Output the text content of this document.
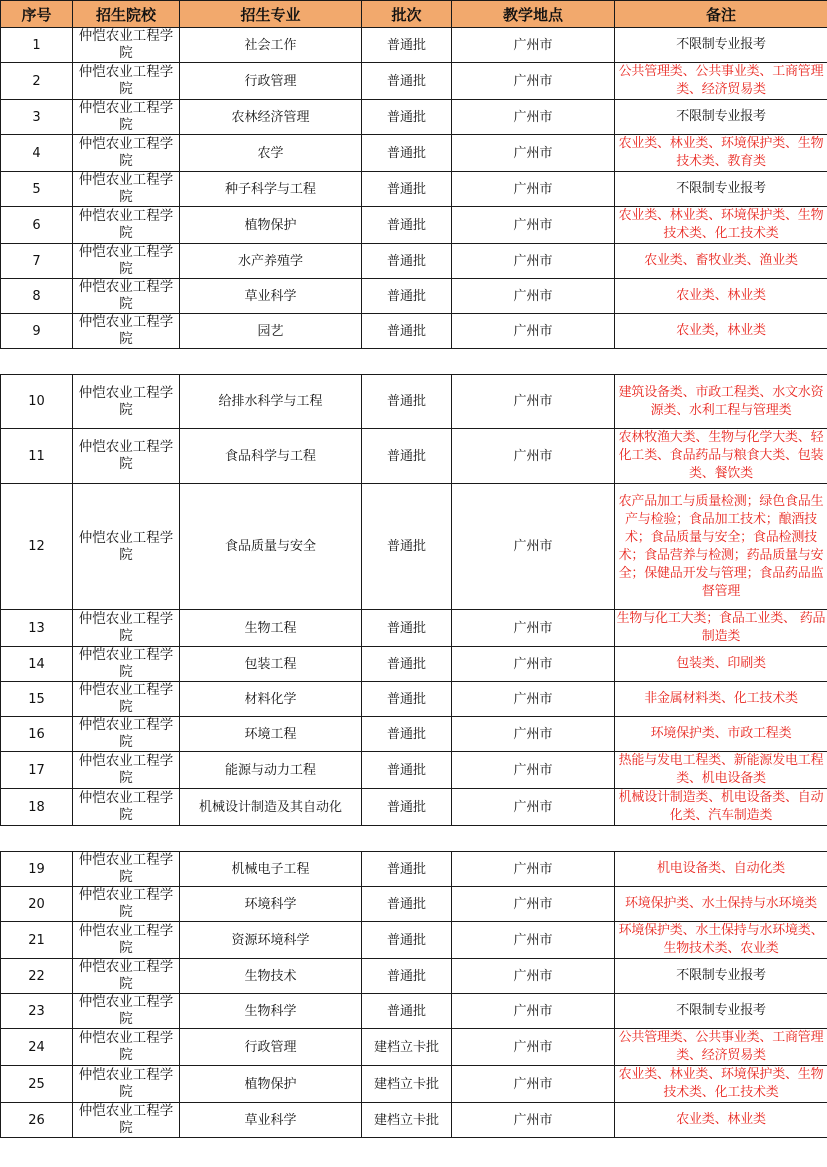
序号	招生院校	招生专业	批次	教学地点	备注
1	仲恺农业工程学院	社会工作	普通批	广州市	不限制专业报考
2	仲恺农业工程学院	行政管理	普通批	广州市	公共管理类、公共事业类、工商管理类、经济贸易类
3	仲恺农业工程学院	农林经济管理	普通批	广州市	不限制专业报考
4	仲恺农业工程学院	农学	普通批	广州市	农业类、林业类、环境保护类、生物技术类、教育类
5	仲恺农业工程学院	种子科学与工程	普通批	广州市	不限制专业报考
6	仲恺农业工程学院	植物保护	普通批	广州市	农业类、林业类、环境保护类、生物技术类、化工技术类
7	仲恺农业工程学院	水产养殖学	普通批	广州市	农业类、畜牧业类、渔业类
8	仲恺农业工程学院	草业科学	普通批	广州市	农业类、林业类
9	仲恺农业工程学院	园艺	普通批	广州市	农业类，林业类

10	仲恺农业工程学院	给排水科学与工程	普通批	广州市	建筑设备类、市政工程类、水文水资源类、水利工程与管理类
11	仲恺农业工程学院	食品科学与工程	普通批	广州市	农林牧渔大类、生物与化学大类、轻化工类、食品药品与粮食大类、包装类、餐饮类
12	仲恺农业工程学院	食品质量与安全	普通批	广州市	农产品加工与质量检测；绿色食品生产与检验；食品加工技术；酿酒技术；食品质量与安全；食品检测技术；食品营养与检测；药品质量与安全；保健品开发与管理；食品药品监督管理
13	仲恺农业工程学院	生物工程	普通批	广州市	生物与化工大类；食品工业类、 药品制造类
14	仲恺农业工程学院	包装工程	普通批	广州市	包装类、印刷类
15	仲恺农业工程学院	材料化学	普通批	广州市	非金属材料类、化工技术类
16	仲恺农业工程学院	环境工程	普通批	广州市	环境保护类、市政工程类
17	仲恺农业工程学院	能源与动力工程	普通批	广州市	热能与发电工程类、新能源发电工程类、机电设备类
18	仲恺农业工程学院	机械设计制造及其自动化	普通批	广州市	机械设计制造类、机电设备类、自动化类、汽车制造类

19	仲恺农业工程学院	机械电子工程	普通批	广州市	机电设备类、自动化类
20	仲恺农业工程学院	环境科学	普通批	广州市	环境保护类、水土保持与水环境类
21	仲恺农业工程学院	资源环境科学	普通批	广州市	环境保护类、水土保持与水环境类、生物技术类、农业类
22	仲恺农业工程学院	生物技术	普通批	广州市	不限制专业报考
23	仲恺农业工程学院	生物科学	普通批	广州市	不限制专业报考
24	仲恺农业工程学院	行政管理	建档立卡批	广州市	公共管理类、公共事业类、工商管理类、经济贸易类
25	仲恺农业工程学院	植物保护	建档立卡批	广州市	农业类、林业类、环境保护类、生物技术类、化工技术类
26	仲恺农业工程学院	草业科学	建档立卡批	广州市	农业类、林业类
